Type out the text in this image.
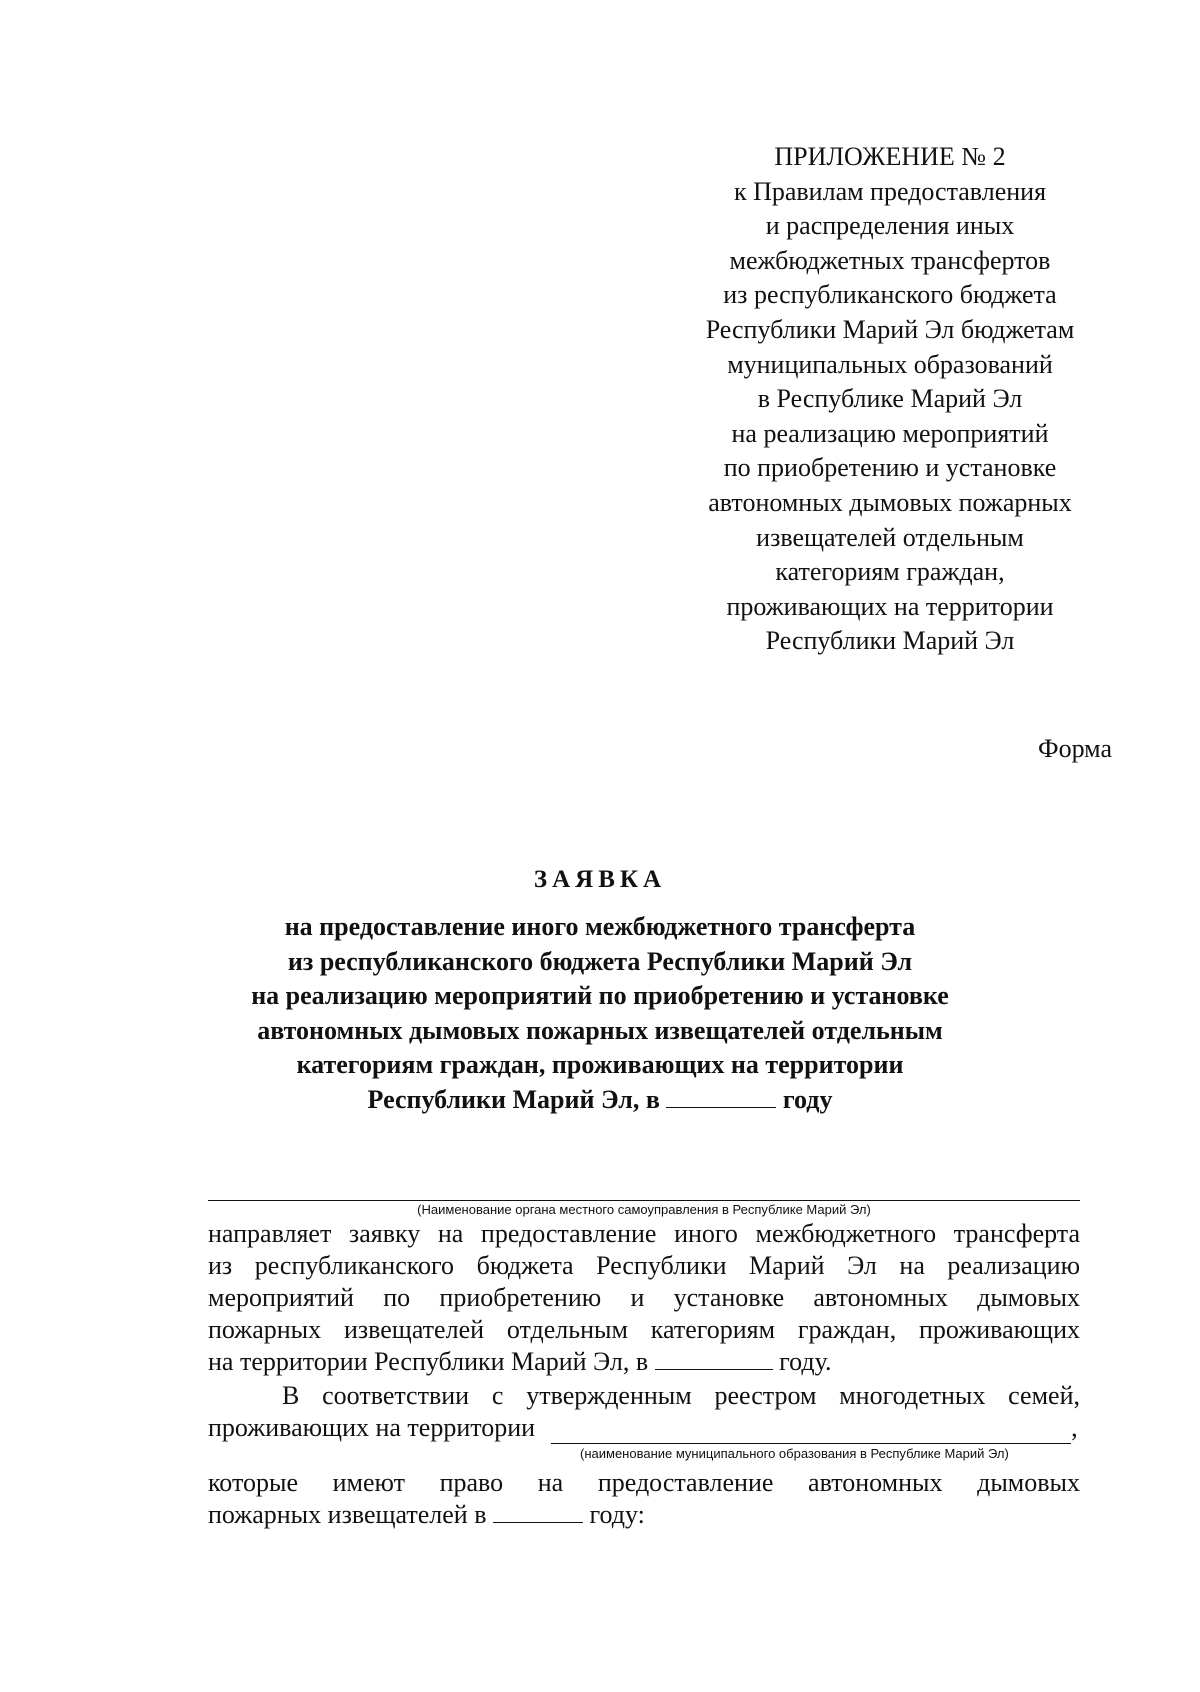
ПРИЛОЖЕНИЕ № 2
к Правилам предоставления
и распределения иных
межбюджетных трансфертов
из республиканского бюджета
Республики Марий Эл бюджетам
муниципальных образований
в Республике Марий Эл
на реализацию мероприятий
по приобретению и установке
автономных дымовых пожарных
извещателей отдельным
категориям граждан,
проживающих на территории
Республики Марий Эл
Форма
ЗАЯВКА
на предоставление иного межбюджетного трансферта
из республиканского бюджета Республики Марий Эл
на реализацию мероприятий по приобретению и установке
автономных дымовых пожарных извещателей отдельным
категориям граждан, проживающих на территории
Республики Марий Эл, в	году
(Наименование органа местного самоуправления в Республике Марий Эл)
направляет заявку на предоставление иного межбюджетного трансферта
из республиканского бюджета Республики Марий Эл на реализацию
мероприятий по приобретению и установке автономных дымовых
пожарных извещателей отдельным категориям граждан, проживающих
на территории Республики Марий Эл, в	году.
В соответствии с утвержденным реестром многодетных семей,
проживающих на территории	,
(наименование муниципального образования в Республике Марий Эл)
которые имеют право на предоставление автономных дымовых
пожарных извещателей в	году:
